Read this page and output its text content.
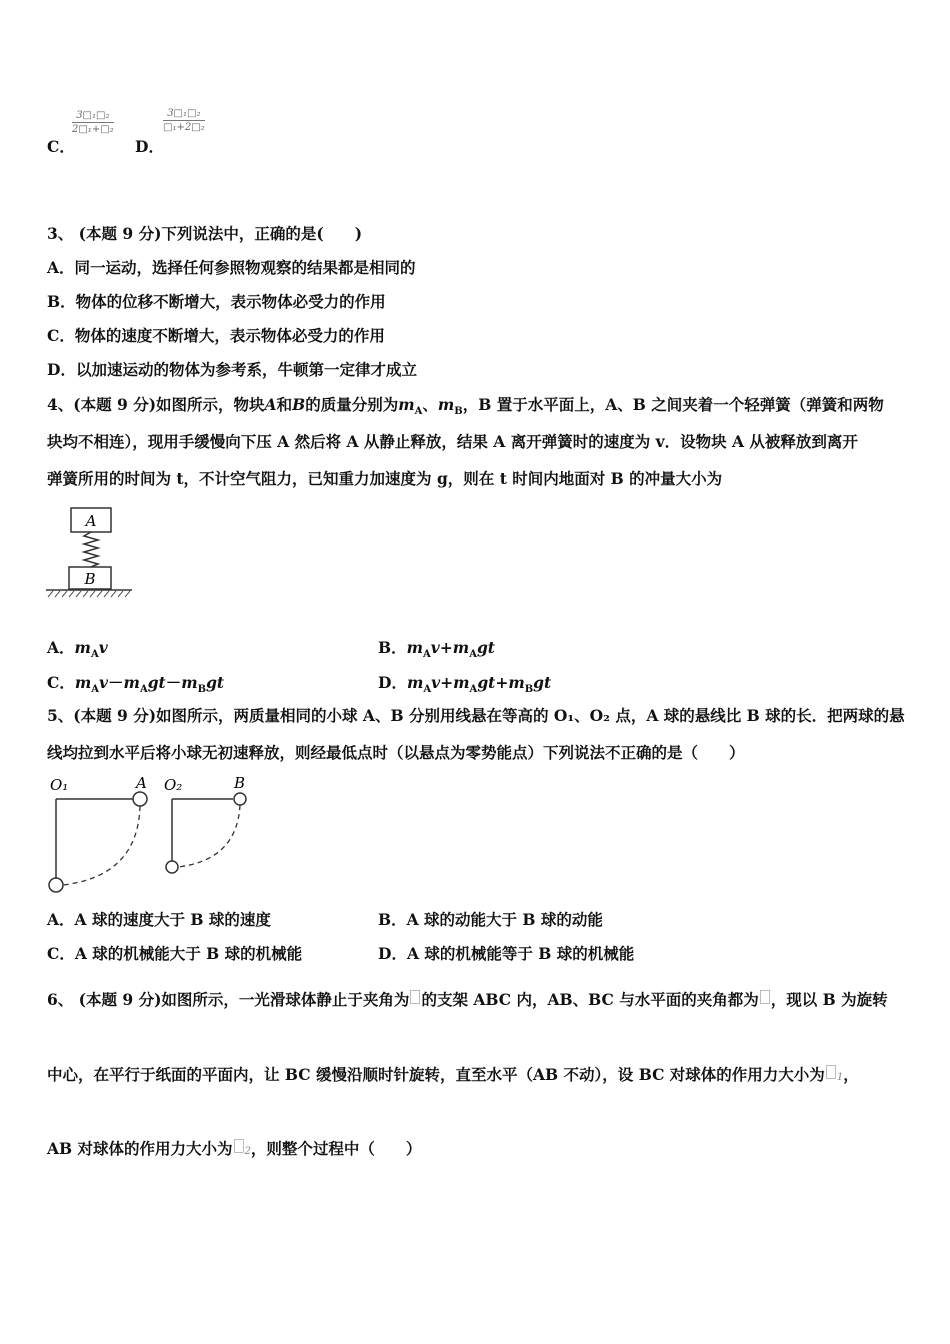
C．
$\frac{\text{3□₁□₂}}{\text{2□₁+□₂}}$
D．
$\frac{\text{3□₁□₂}}{\text{□₁+2□₂}}$
3、 (本题 9 分)下列说法中，正确的是(　　)
A．同一运动，选择任何参照物观察的结果都是相同的
B．物体的位移不断增大，表示物体必受力的作用
C．物体的速度不断增大，表示物体必受力的作用
D．以加速运动的物体为参考系，牛顿第一定律才成立
4、(本题 9 分)如图所示，物块A和B的质量分别为$m_A$、$m_B$，B 置于水平面上，A、B 之间夹着一个轻弹簧（弹簧和两物
块均不相连），现用手缓慢向下压 A 然后将 A 从静止释放，结果 A 离开弹簧时的速度为 v．设物块 A 从被释放到离开
弹簧所用的时间为 t，不计空气阻力，已知重力加速度为 g，则在 t 时间内地面对 B 的冲量大小为
A
B
A．$m_Av$	B．$m_Av+m_Agt$
C．$m_Av-m_Agt-m_Bgt$	D．$m_Av+m_Agt+m_Bgt$
5、(本题 9 分)如图所示，两质量相同的小球 A、B 分别用线悬在等高的 O₁、O₂ 点，A 球的悬线比 B 球的长．把两球的悬
线均拉到水平后将小球无初速释放，则经最低点时（以悬点为零势能点）下列说法不正确的是（　　）
O₁	A O₂	B
A．A 球的速度大于 B 球的速度	B．A 球的动能大于 B 球的动能
C．A 球的机械能大于 B 球的机械能	D．A 球的机械能等于 B 球的机械能
6、 (本题 9 分)如图所示，一光滑球体静止于夹角为 的支架 ABC 内，AB、BC 与水平面的夹角都为 ，现以 B 为旋转
中心，在平行于纸面的平面内，让 BC 缓慢沿顺时针旋转，直至水平（AB 不动），设 BC 对球体的作用力大小为 1，
AB 对球体的作用力大小为 2，则整个过程中（　　）
